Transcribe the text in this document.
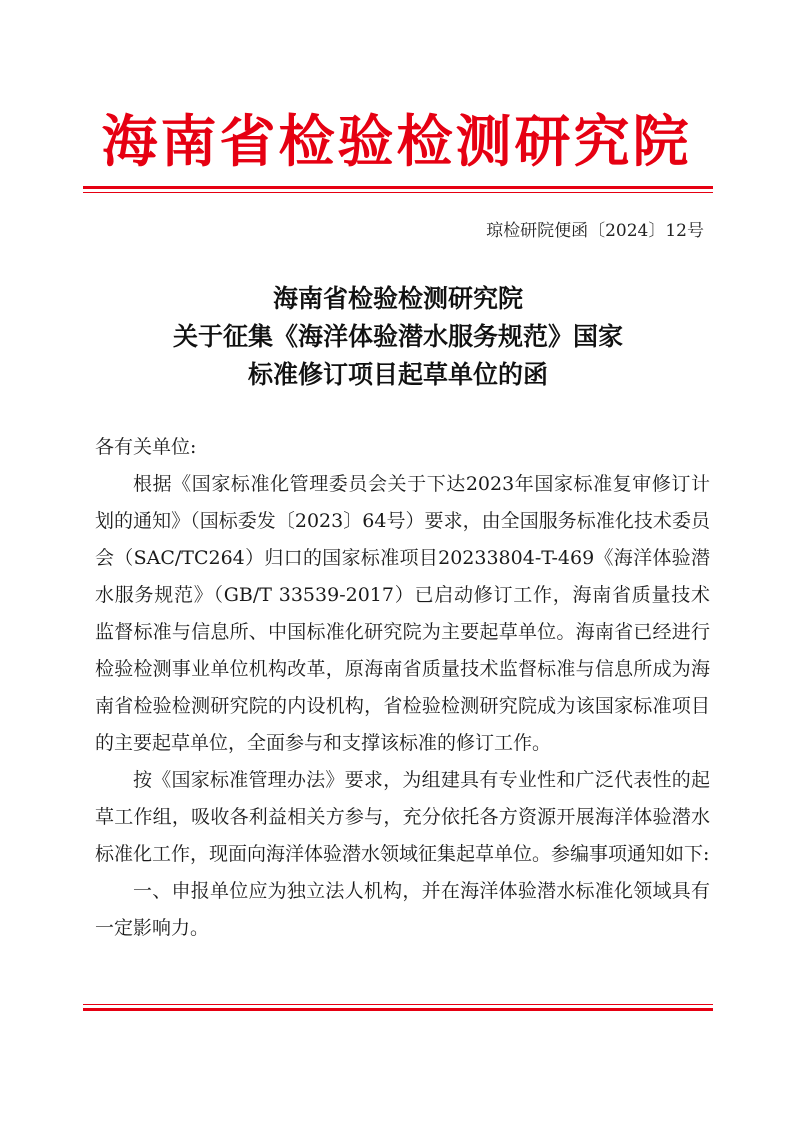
海南省检验检测研究院
琼检研院便函〔2024〕12号
海南省检验检测研究院
关于征集《海洋体验潜水服务规范》国家
标准修订项目起草单位的函

各有关单位:

根据《国家标准化管理委员会关于下达2023年国家标准复审修订计划的通知》（国标委发〔2023〕64号）要求，由全国服务标准化技术委员会（SAC/TC264）归口的国家标准项目20233804-T-469《海洋体验潜水服务规范》（GB/T 33539-2017）已启动修订工作，海南省质量技术监督标准与信息所、中国标准化研究院为主要起草单位。海南省已经进行检验检测事业单位机构改革，原海南省质量技术监督标准与信息所成为海南省检验检测研究院的内设机构，省检验检测研究院成为该国家标准项目的主要起草单位，全面参与和支撑该标准的修订工作。

按《国家标准管理办法》要求，为组建具有专业性和广泛代表性的起草工作组，吸收各利益相关方参与，充分依托各方资源开展海洋体验潜水标准化工作，现面向海洋体验潜水领域征集起草单位。参编事项通知如下:

一、申报单位应为独立法人机构，并在海洋体验潜水标准化领域具有一定影响力。
